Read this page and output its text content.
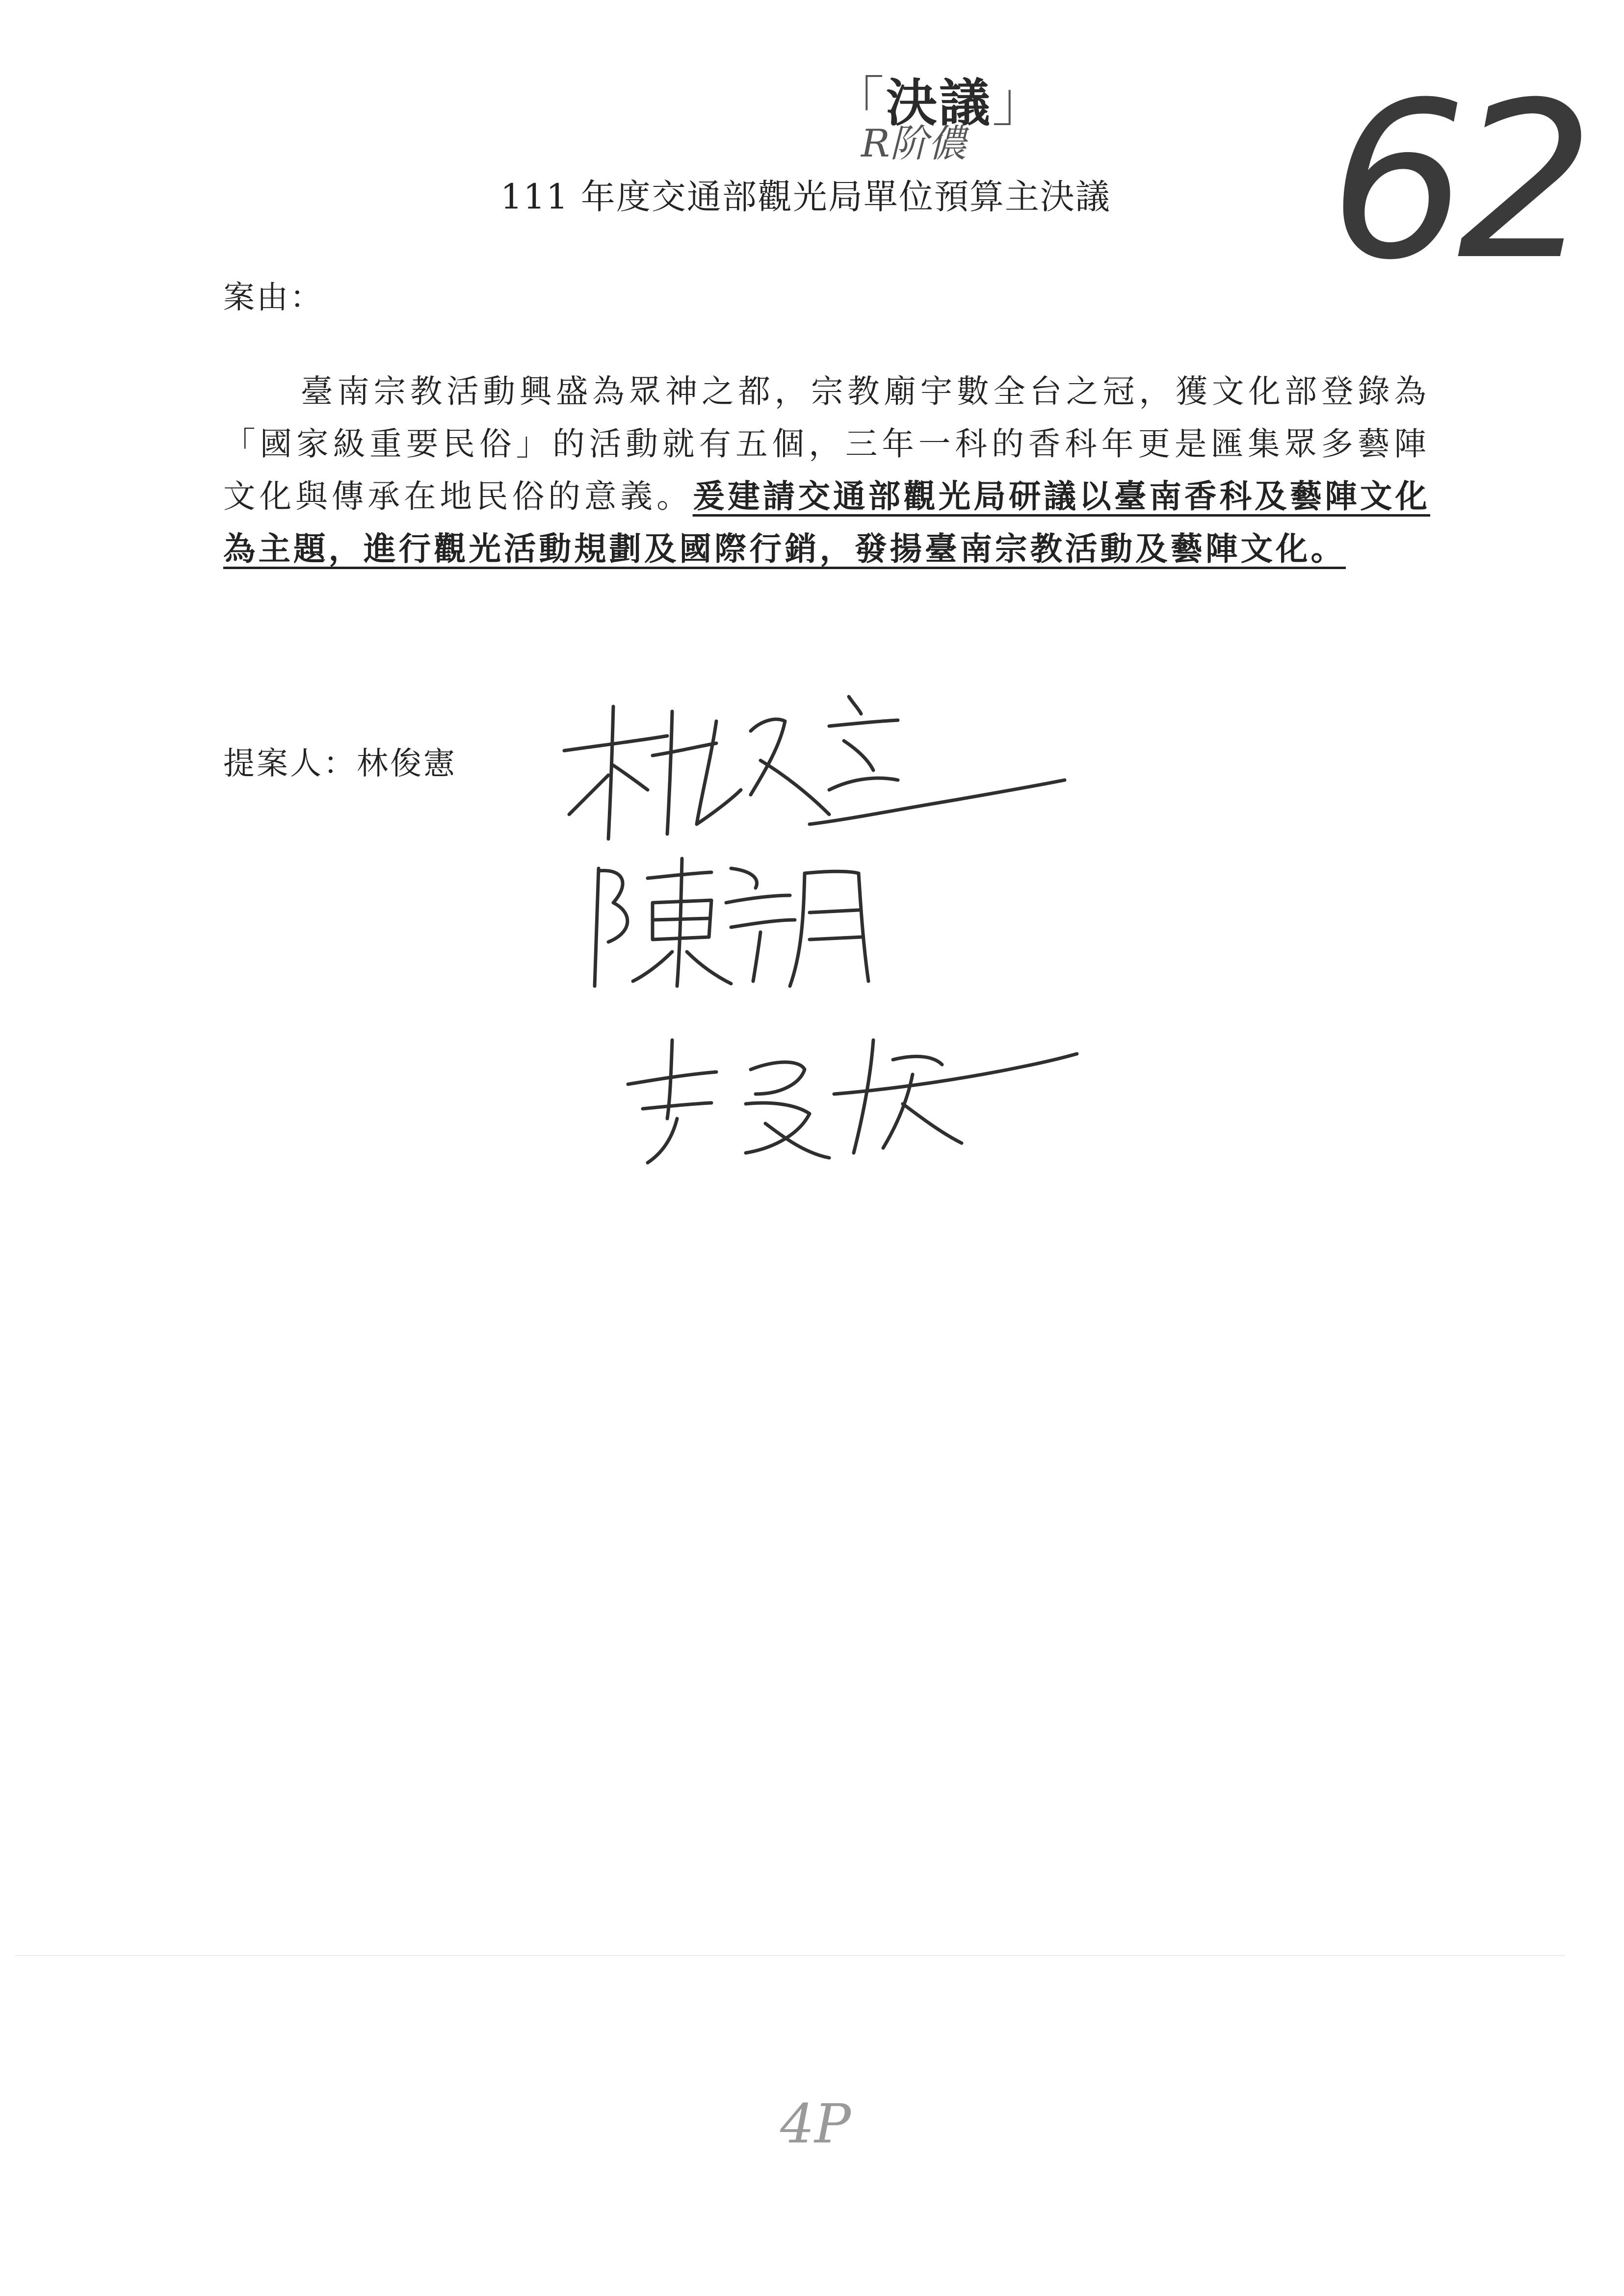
「決議」
R阶儂 62
111 年度交通部觀光局單位預算主決議
案由：

臺南宗教活動興盛為眾神之都，宗教廟宇數全台之冠，獲文化部登錄為「國家級重要民俗」的活動就有五個，三年一科的香科年更是匯集眾多藝陣文化與傳承在地民俗的意義。爰建請交通部觀光局研議以臺南香科及藝陣文化為主題，進行觀光活動規劃及國際行銷，發揚臺南宗教活動及藝陣文化。

提案人：林俊憲
4P
